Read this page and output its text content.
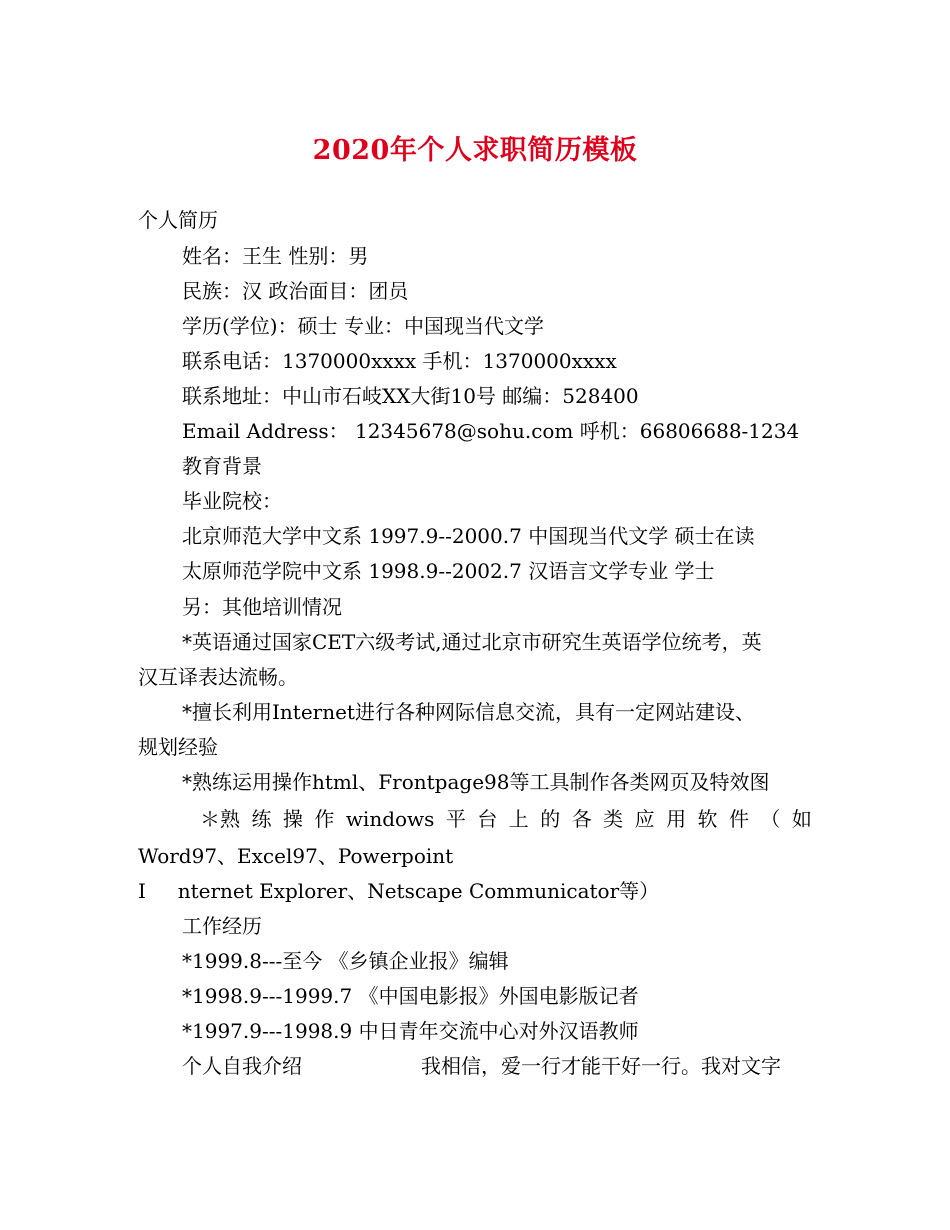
2020年个人求职简历模板
个人简历
姓名：王生 性别：男
民族：汉 政治面目：团员
学历(学位)：硕士 专业：中国现当代文学
联系电话：1370000xxxx 手机：1370000xxxx
联系地址：中山市石岐XX大街10号 邮编：528400
Email Address： 12345678@sohu.com 呼机：66806688-1234
教育背景
毕业院校：
北京师范大学中文系 1997.9--2000.7 中国现当代文学 硕士在读
太原师范学院中文系 1998.9--2002.7 汉语言文学专业 学士
另：其他培训情况
*英语通过国家CET六级考试,通过北京市研究生英语学位统考，英
汉互译表达流畅。
*擅长利用Internet进行各种网际信息交流，具有一定网站建设、
规划经验
*熟练运用操作html、Frontpage98等工具制作各类网页及特效图
＊熟 练 操 作 windows 平 台 上 的 各 类 应 用 软 件 （ 如
Word97、Excel97、Powerpoint
I     nternet Explorer、Netscape Communicator等）
工作经历
*1999.8---至今 《乡镇企业报》编辑
*1998.9---1999.7 《中国电影报》外国电影版记者
*1997.9---1998.9 中日青年交流中心对外汉语教师
个人自我介绍	我相信，爱一行才能干好一行。我对文字
